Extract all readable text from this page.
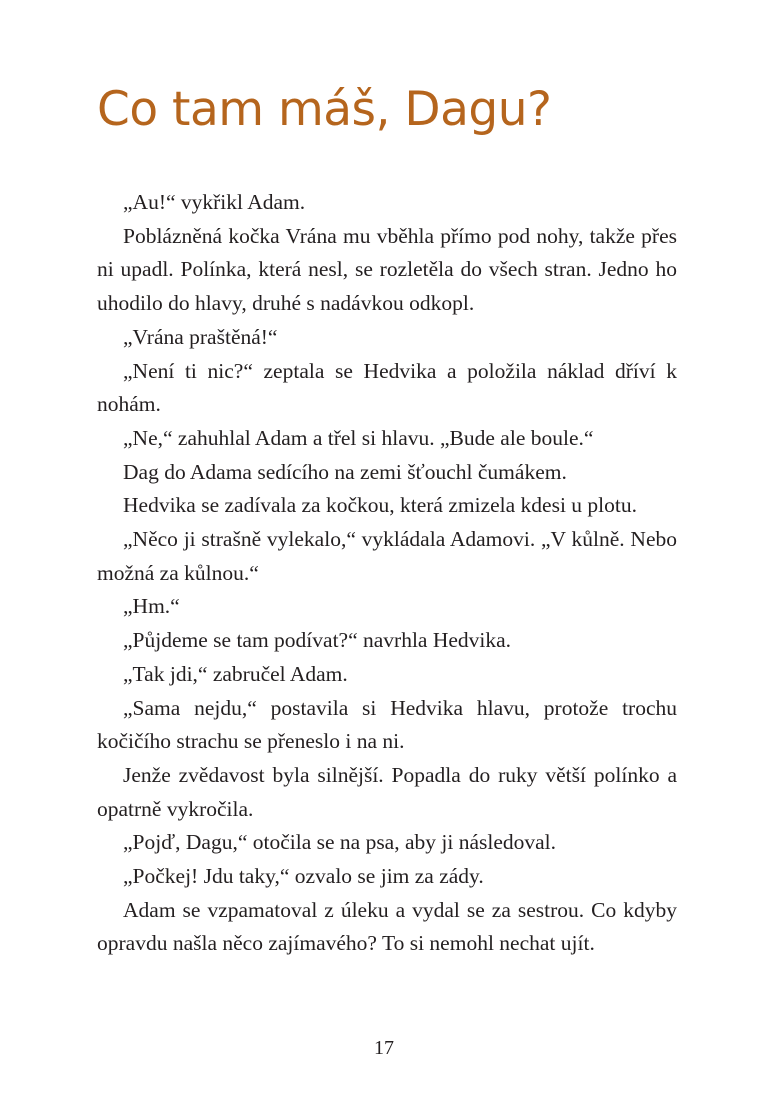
Co tam máš, Dagu?

„Au!“ vykřikl Adam.

Poblázněná kočka Vrána mu vběhla přímo pod nohy, takže přes ni upadl. Polínka, která nesl, se rozletěla do všech stran. Jedno ho uhodilo do hlavy, druhé s nadávkou odkopl.

„Vrána praštěná!“

„Není ti nic?“ zeptala se Hedvika a položila náklad dříví k nohám.

„Ne,“ zahuhlal Adam a třel si hlavu. „Bude ale boule.“

Dag do Adama sedícího na zemi šťouchl čumákem.

Hedvika se zadívala za kočkou, která zmizela kdesi u plotu.

„Něco ji strašně vylekalo,“ vykládala Adamovi. „V kůlně. Nebo možná za kůlnou.“

„Hm.“

„Půjdeme se tam podívat?“ navrhla Hedvika.

„Tak jdi,“ zabručel Adam.

„Sama nejdu,“ postavila si Hedvika hlavu, protože trochu kočičího strachu se přeneslo i na ni.

Jenže zvědavost byla silnější. Popadla do ruky větší polínko a opatrně vykročila.

„Pojď, Dagu,“ otočila se na psa, aby ji následoval.

„Počkej! Jdu taky,“ ozvalo se jim za zády.

Adam se vzpamatoval z úleku a vydal se za sestrou. Co kdyby opravdu našla něco zajímavého? To si nemohl nechat ujít.

17
